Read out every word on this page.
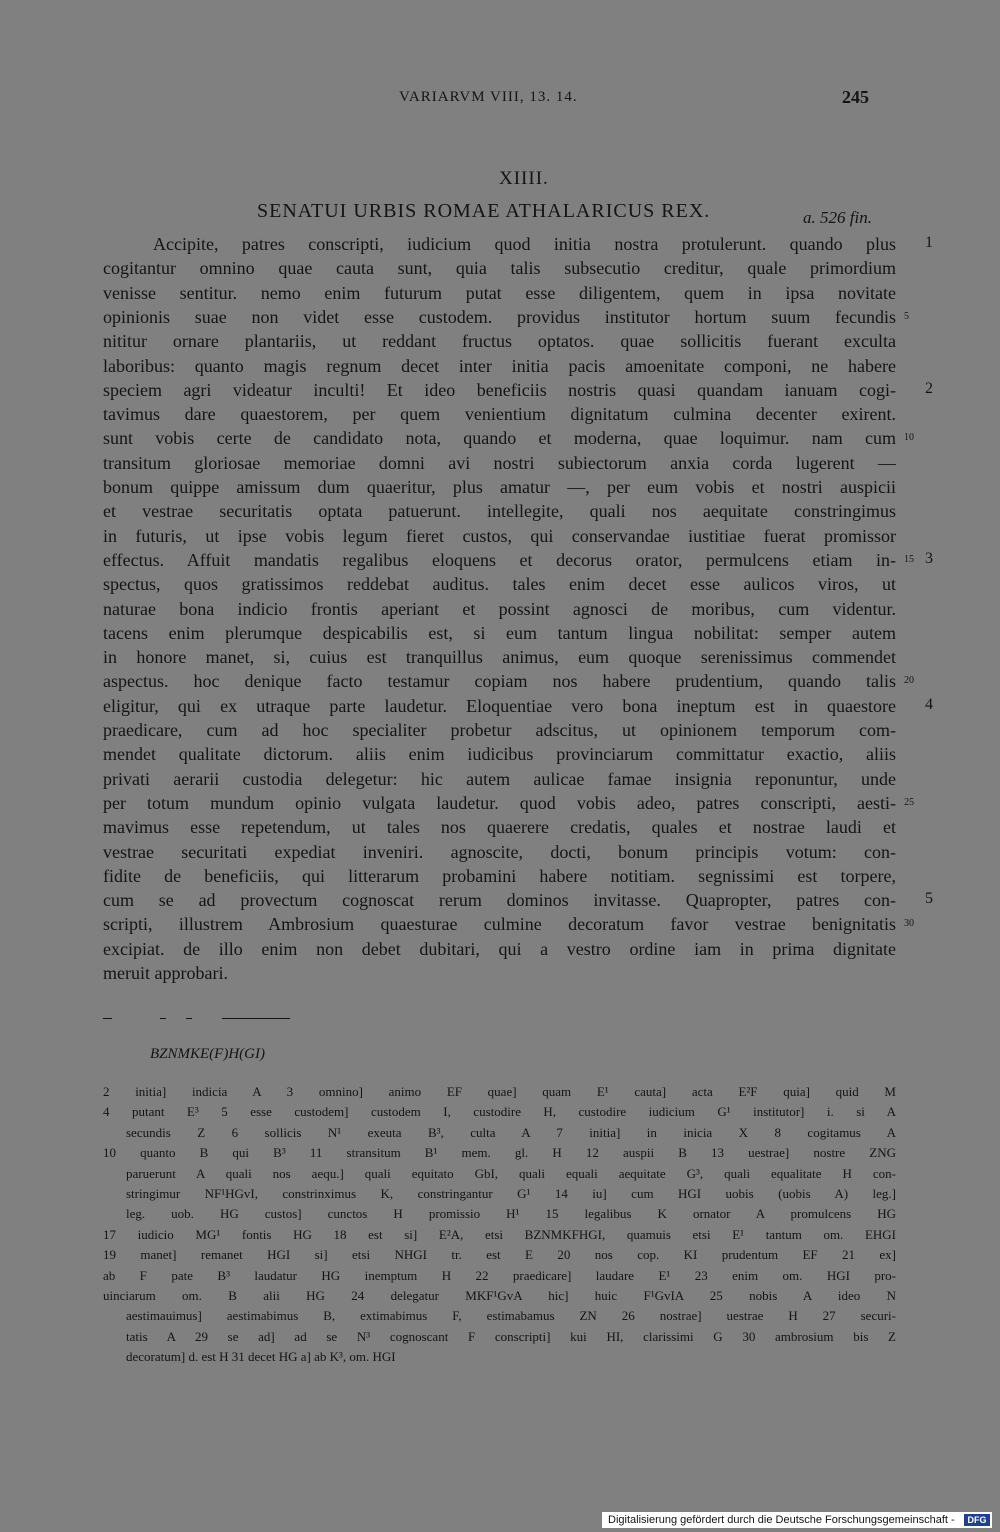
VARIARVM VIII, 13. 14.	245
XIIII.
SENATUI URBIS ROMAE ATHALARICUS REX.	a. 526 fin.
Accipite, patres conscripti, iudicium quod initia nostra protulerunt. quando plus
cogitantur omnino quae cauta sunt, quia talis subsecutio creditur, quale primordium
venisse sentitur. nemo enim futurum putat esse diligentem, quem in ipsa novitate
opinionis suae non videt esse custodem. providus institutor hortum suum fecundis
nititur ornare plantariis, ut reddant fructus optatos. quae sollicitis fuerant exculta
laboribus: quanto magis regnum decet inter initia pacis amoenitate componi, ne habere
speciem agri videatur inculti! Et ideo beneficiis nostris quasi quandam ianuam cogi-
tavimus dare quaestorem, per quem venientium dignitatum culmina decenter exirent.
sunt vobis certe de candidato nota, quando et moderna, quae loquimur. nam cum
transitum gloriosae memoriae domni avi nostri subiectorum anxia corda lugerent —
bonum quippe amissum dum quaeritur, plus amatur —, per eum vobis et nostri auspicii
et vestrae securitatis optata patuerunt. intellegite, quali nos aequitate constringimus
in futuris, ut ipse vobis legum fieret custos, qui conservandae iustitiae fuerat promissor
effectus. Affuit mandatis regalibus eloquens et decorus orator, permulcens etiam in-
spectus, quos gratissimos reddebat auditus. tales enim decet esse aulicos viros, ut
naturae bona indicio frontis aperiant et possint agnosci de moribus, cum videntur.
tacens enim plerumque despicabilis est, si eum tantum lingua nobilitat: semper autem
in honore manet, si, cuius est tranquillus animus, eum quoque serenissimus commendet
aspectus. hoc denique facto testamur copiam nos habere prudentium, quando talis
eligitur, qui ex utraque parte laudetur. Eloquentiae vero bona ineptum est in quaestore
praedicare, cum ad hoc specialiter probetur adscitus, ut opinionem temporum com-
mendet qualitate dictorum. aliis enim iudicibus provinciarum committatur exactio, aliis
privati aerarii custodia delegetur: hic autem aulicae famae insignia reponuntur, unde
per totum mundum opinio vulgata laudetur. quod vobis adeo, patres conscripti, aesti-
mavimus esse repetendum, ut tales nos quaerere credatis, quales et nostrae laudi et
vestrae securitati expediat inveniri. agnoscite, docti, bonum principis votum: con-
fidite de beneficiis, qui litterarum probamini habere notitiam. segnissimi est torpere,
cum se ad provectum cognoscat rerum dominos invitasse. Quapropter, patres con-
scripti, illustrem Ambrosium quaesturae culmine decoratum favor vestrae benignitatis
excipiat. de illo enim non debet dubitari, qui a vestro ordine iam in prima dignitate
meruit approbari.
5
10
15
20
25
30
1
2
3
4
5
BZNMKE(F)H(GI)
2 initia] indicia A 3 omnino] animo EF quae] quam E¹ cauta] acta E²F quia] quid M
4 putant E³ 5 esse custodem] custodem I, custodire H, custodire iudicium G¹ institutor] i. si A
secundis Z 6 sollicis N¹ exeuta B³, culta A 7 initia] in inicia X 8 cogitamus A
10 quanto B qui B³ 11 stransitum B¹ mem. gl. H 12 auspii B 13 uestrae] nostre ZNG
paruerunt A quali nos aequ.] quali equitato GbI, quali equali aequitate G³, quali equalitate H con-
stringimur NF¹HGvI, constrinximus K, constringantur G¹ 14 iu] cum HGI uobis (uobis A) leg.]
leg. uob. HG custos] cunctos H promissio H¹ 15 legalibus K ornator A promulcens HG
17 iudicio MG¹ fontis HG 18 est si] E²A, etsi BZNMKFHGI, quamuis etsi E¹ tantum om. EHGI
19 manet] remanet HGI si] etsi NHGI tr. est E 20 nos cop. KI prudentum EF 21 ex]
ab F pate B³ laudatur HG inemptum H 22 praedicare] laudare E¹ 23 enim om. HGI pro-
uinciarum om. B alii HG 24 delegatur MKF¹GvA hic] huic F¹GvIA 25 nobis A ideo N
aestimauimus] aestimabimus B, extimabimus F, estimabamus ZN 26 nostrae] uestrae H 27 securi-
tatis A 29 se ad] ad se N³ cognoscant F conscripti] kui HI, clarissimi G 30 ambrosium bis Z
decoratum] d. est H 31 decet HG a] ab K³, om. HGI
Digitalisierung gefördert durch die Deutsche Forschungsgemeinschaft -	DFG
